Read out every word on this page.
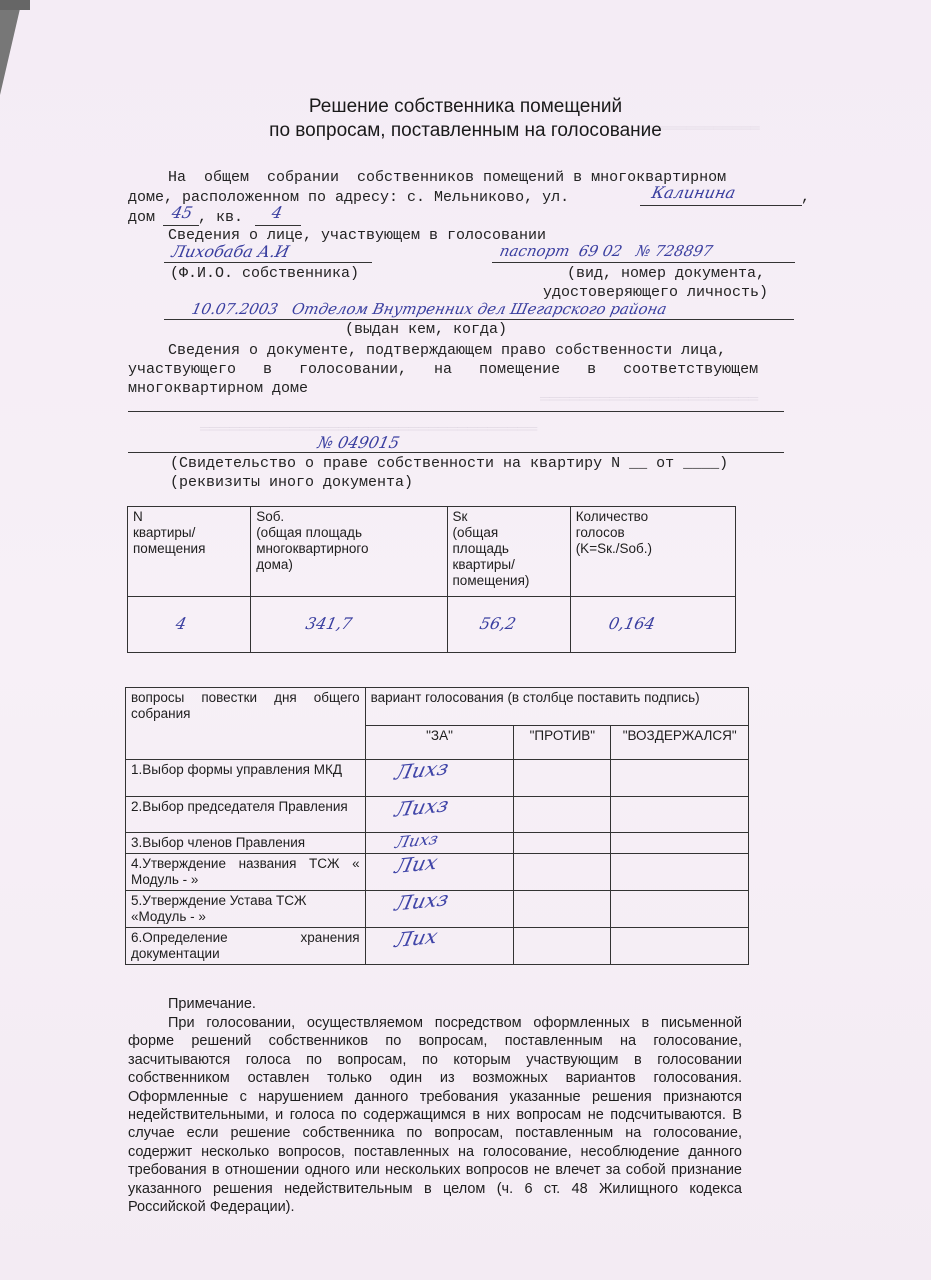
═════════════
══════════════════════
══════════════════════════════════
Решение собственника помещений
по вопросам, поставленным на голосование
На  общем  собрании  собственников помещений в многоквартирном
доме, расположенном по адресу: с. Мельниково, ул.	Калинина	,
дом 45 , кв. 4
Сведения о лице, участвующем в голосовании
Лихобаба А.И	паспорт  69 02   № 728897
(Ф.И.О. собственника)	(вид, номер документа,
удостоверяющего личность)
10.07.2003   Отделом Внутренних дел Шегарского района
(выдан кем, когда)
Сведения о документе, подтверждающем право собственности лица,
участвующего   в   голосовании,   на   помещение   в   соответствующем
многоквартирном доме
№ 049015
(Свидетельство о праве собственности на квартиру N __ от ____)
(реквизиты иного документа)
N
квартиры/
помещения	Sоб.
(общая площадь
многоквартирного
дома)	Sк
(общая
площадь
квартиры/
помещения)	Количество
голосов
(K=Sк./Sоб.)
4	341,7	56,2	0,164
вопросы повестки дня общего собрания	вариант голосования (в столбце поставить подпись)		
	"ЗА"	"ПРОТИВ"	"ВОЗДЕРЖАЛСЯ"
1.Выбор формы управления МКД	Лихз		
2.Выбор председателя Правления	Лихз		
3.Выбор членов Правления	Лихз		
4.Утверждение названия ТСЖ « Модуль - »	Лих		
5.Утверждение Устава ТСЖ «Модуль - »	Лихз		
6.Определение хранения документации	Лих		
Примечание.
При голосовании, осуществляемом посредством оформленных в письменной форме решений собственников по вопросам, поставленным на голосование, засчитываются голоса по вопросам, по которым участвующим в голосовании собственником оставлен только один из возможных вариантов голосования. Оформленные с нарушением данного требования указанные решения признаются недействительными, и голоса по содержащимся в них вопросам не подсчитываются. В случае если решение собственника по вопросам, поставленным на голосование, содержит несколько вопросов, поставленных на голосование, несоблюдение данного требования в отношении одного или нескольких вопросов не влечет за собой признание указанного решения недействительным в целом (ч. 6 ст. 48 Жилищного кодекса Российской Федерации).
